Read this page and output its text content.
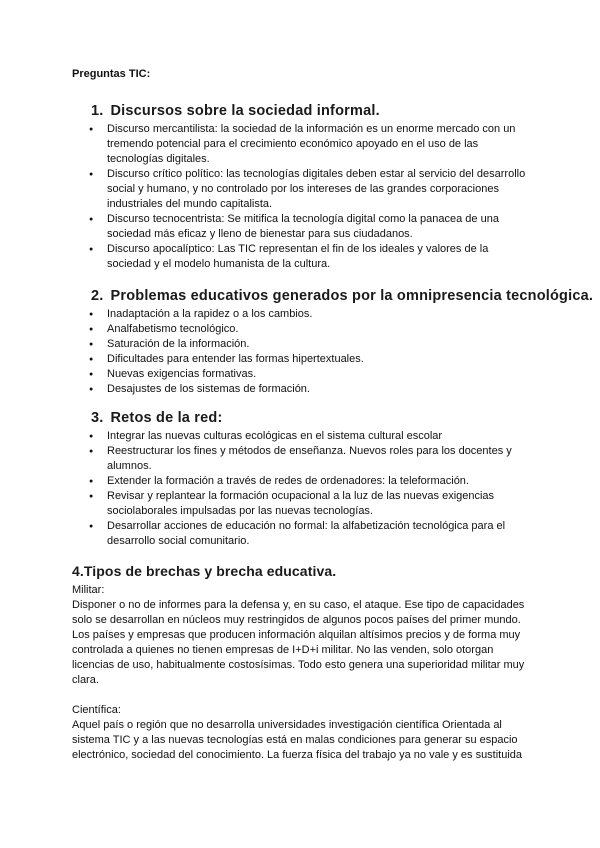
Preguntas TIC:

1. Discursos sobre la sociedad informal.
● Discurso mercantilista: la sociedad de la información es un enorme mercado con un tremendo potencial para el crecimiento económico apoyado en el uso de las tecnologías digitales.
● Discurso crítico político: las tecnologías digitales deben estar al servicio del desarrollo social y humano, y no controlado por los intereses de las grandes corporaciones industriales del mundo capitalista.
● Discurso tecnocentrista: Se mitifica la tecnología digital como la panacea de una sociedad más eficaz y lleno de bienestar para sus ciudadanos.
● Discurso apocalíptico: Las TIC representan el fin de los ideales y valores de la sociedad y el modelo humanista de la cultura.
2. Problemas educativos generados por la omnipresencia tecnológica.
● Inadaptación a la rapidez o a los cambios.
● Analfabetismo tecnológico.
● Saturación de la información.
● Dificultades para entender las formas hipertextuales.
● Nuevas exigencias formativas.
● Desajustes de los sistemas de formación.
3. Retos de la red:
● Integrar las nuevas culturas ecológicas en el sistema cultural escolar
● Reestructurar los fines y métodos de enseñanza. Nuevos roles para los docentes y alumnos.
● Extender la formación a través de redes de ordenadores: la teleformación.
● Revisar y replantear la formación ocupacional a la luz de las nuevas exigencias sociolaborales impulsadas por las nuevas tecnologías.
● Desarrollar acciones de educación no formal: la alfabetización tecnológica para el desarrollo social comunitario.
4.Tipos de brechas y brecha educativa.

Militar:

Disponer o no de informes para la defensa y, en su caso, el ataque. Ese tipo de capacidades solo se desarrollan en núcleos muy restringidos de algunos pocos países del primer mundo. Los países y empresas que producen información alquilan altísimos precios y de forma muy controlada a quienes no tienen empresas de I+D+i militar. No las venden, solo otorgan licencias de uso, habitualmente costosísimas. Todo esto genera una superioridad militar muy clara.

Científica:

Aquel país o región que no desarrolla universidades investigación científica Orientada al sistema TIC y a las nuevas tecnologías está en malas condiciones para generar su espacio electrónico, sociedad del conocimiento. La fuerza física del trabajo ya no vale y es sustituida
